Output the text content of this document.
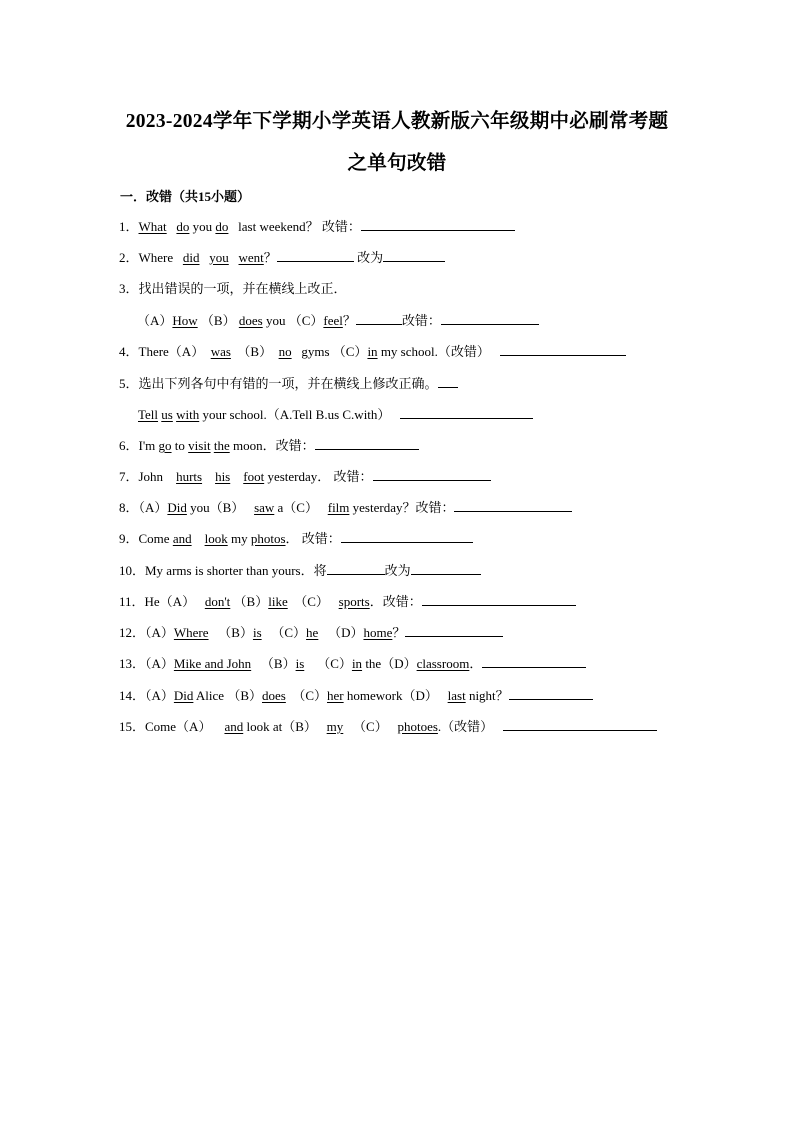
2023-2024学年下学期小学英语人教新版六年级期中必刷常考题
之单句改错
一．改错（共15小题）
1．What do you do last weekend？ 改错：
2．Where did you went？	改为
3．找出错误的一项，并在横线上改正．
（A）How （B） does you （C）feel？	改错：
4．There（A） was （B） no gyms （C）in my school.（改错）
5．选出下列各句中有错的一项，并在横线上修改正确。
Tell us with your school.（A.Tell B.us C.with）
6．I'm go to visit the moon．改错：
7．John hurts his foot yesterday． 改错：
8．（A）Did you（B） saw a（C） film yesterday？改错：
9．Come and look my photos． 改错：
10．My arms is shorter than yours．将	改为
11．He（A） don't （B）like （C） sports．改错：
12．（A）Where （B）is （C）he （D）home？
13．（A）Mike and John （B）is （C）in the（D）classroom．
14．（A）Did Alice （B）does （C）her homework（D） last night？
15．Come（A） and look at（B） my （C） photoes.（改错）
